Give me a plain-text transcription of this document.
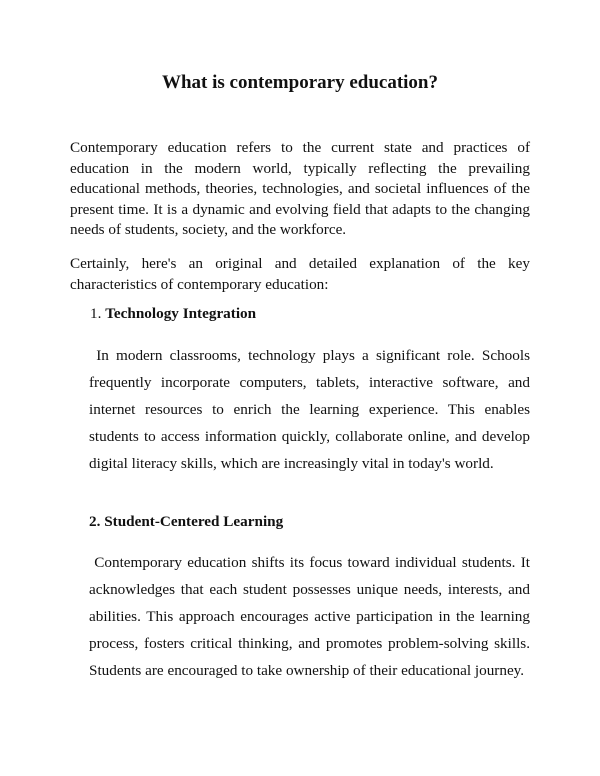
What is contemporary education?

Contemporary education refers to the current state and practices of education in the modern world, typically reflecting the prevailing educational methods, theories, technologies, and societal influences of the present time. It is a dynamic and evolving field that adapts to the changing needs of students, society, and the workforce.

Certainly, here's an original and detailed explanation of the key characteristics of contemporary education:

1. Technology Integration

In modern classrooms, technology plays a significant role. Schools frequently incorporate computers, tablets, interactive software, and internet resources to enrich the learning experience. This enables students to access information quickly, collaborate online, and develop digital literacy skills, which are increasingly vital in today's world.

2. Student-Centered Learning

Contemporary education shifts its focus toward individual students. It acknowledges that each student possesses unique needs, interests, and abilities. This approach encourages active participation in the learning process, fosters critical thinking, and promotes problem-solving skills. Students are encouraged to take ownership of their educational journey.
